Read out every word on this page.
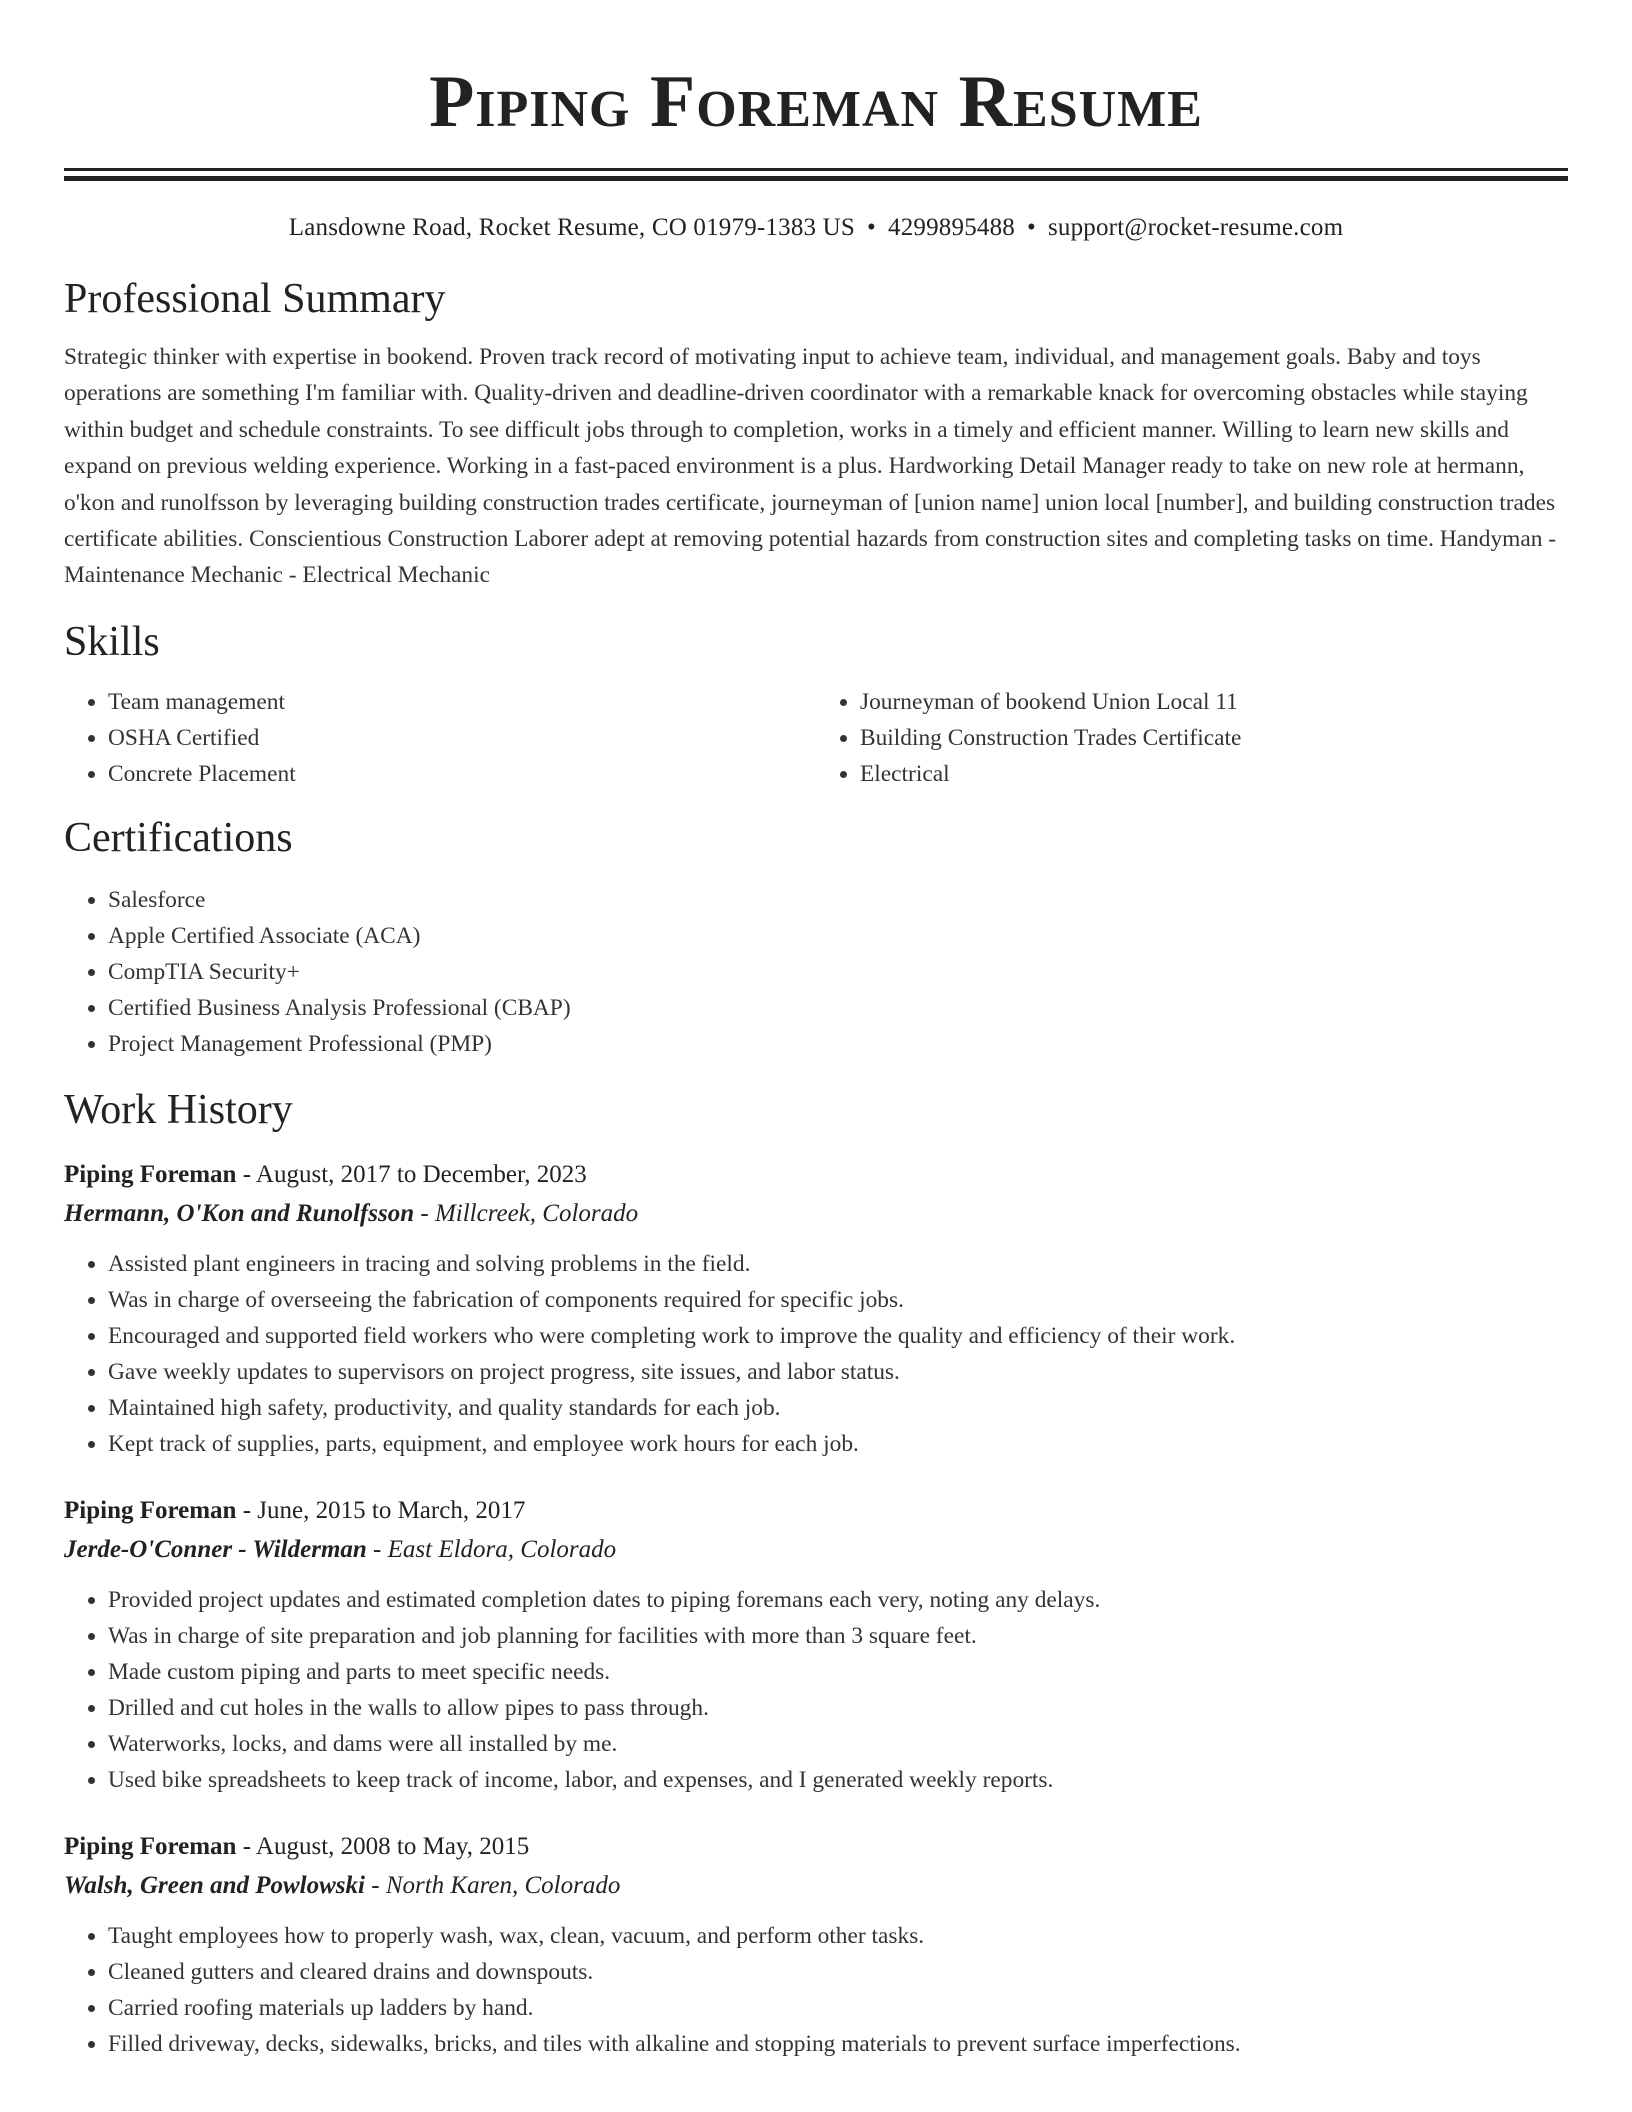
Piping Foreman Resume
Lansdowne Road, Rocket Resume, CO 01979-1383 US • 4299895488 • support@rocket-resume.com
Professional Summary
Strategic thinker with expertise in bookend. Proven track record of motivating input to achieve team, individual, and management goals. Baby and toys operations are something I'm familiar with. Quality-driven and deadline-driven coordinator with a remarkable knack for overcoming obstacles while staying within budget and schedule constraints. To see difficult jobs through to completion, works in a timely and efficient manner. Willing to learn new skills and expand on previous welding experience. Working in a fast-paced environment is a plus. Hardworking Detail Manager ready to take on new role at hermann, o'kon and runolfsson by leveraging building construction trades certificate, journeyman of [union name] union local [number], and building construction trades certificate abilities. Conscientious Construction Laborer adept at removing potential hazards from construction sites and completing tasks on time. Handyman - Maintenance Mechanic - Electrical Mechanic
Skills
• Team management
• OSHA Certified
• Concrete Placement
• Journeyman of bookend Union Local 11
• Building Construction Trades Certificate
• Electrical
Certifications
• Salesforce
• Apple Certified Associate (ACA)
• CompTIA Security+
• Certified Business Analysis Professional (CBAP)
• Project Management Professional (PMP)
Work History
Piping Foreman - August, 2017 to December, 2023
Hermann, O'Kon and Runolfsson - Millcreek, Colorado
• Assisted plant engineers in tracing and solving problems in the field.
• Was in charge of overseeing the fabrication of components required for specific jobs.
• Encouraged and supported field workers who were completing work to improve the quality and efficiency of their work.
• Gave weekly updates to supervisors on project progress, site issues, and labor status.
• Maintained high safety, productivity, and quality standards for each job.
• Kept track of supplies, parts, equipment, and employee work hours for each job.
Piping Foreman - June, 2015 to March, 2017
Jerde-O'Conner - Wilderman - East Eldora, Colorado
• Provided project updates and estimated completion dates to piping foremans each very, noting any delays.
• Was in charge of site preparation and job planning for facilities with more than 3 square feet.
• Made custom piping and parts to meet specific needs.
• Drilled and cut holes in the walls to allow pipes to pass through.
• Waterworks, locks, and dams were all installed by me.
• Used bike spreadsheets to keep track of income, labor, and expenses, and I generated weekly reports.
Piping Foreman - August, 2008 to May, 2015
Walsh, Green and Powlowski - North Karen, Colorado
• Taught employees how to properly wash, wax, clean, vacuum, and perform other tasks.
• Cleaned gutters and cleared drains and downspouts.
• Carried roofing materials up ladders by hand.
• Filled driveway, decks, sidewalks, bricks, and tiles with alkaline and stopping materials to prevent surface imperfections.
